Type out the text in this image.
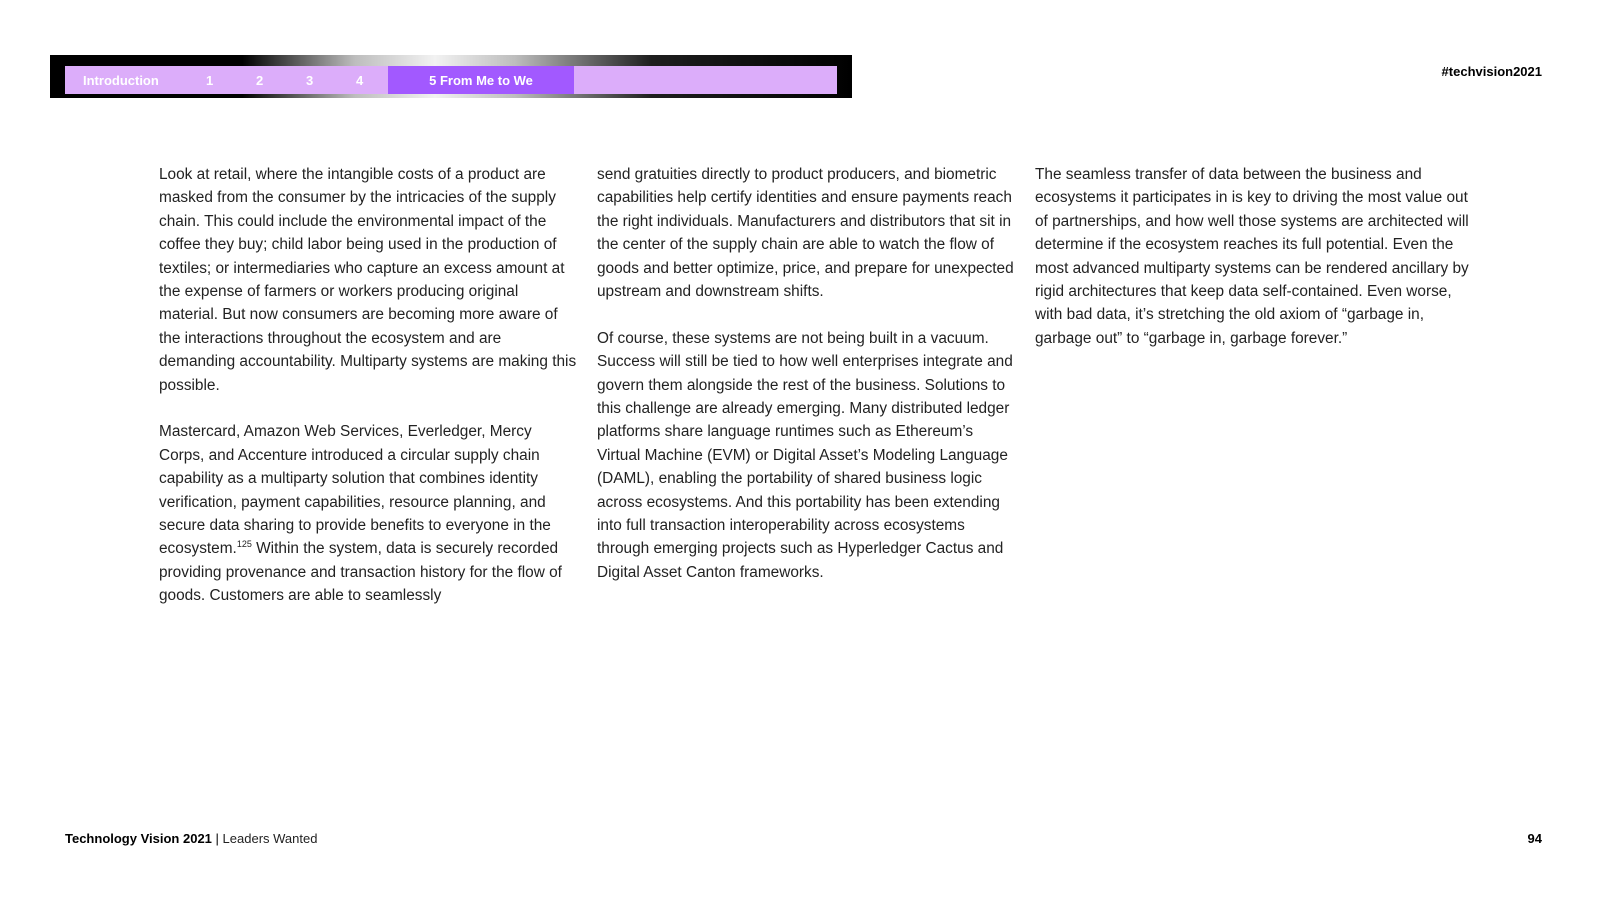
Introduction	1	2	3	4	5 From Me to We
#techvision2021

Look at retail, where the intangible costs of a product are masked from the consumer by the intricacies of the supply chain. This could include the environmental impact of the coffee they buy; child labor being used in the production of textiles; or intermediaries who capture an excess amount at the expense of farmers or workers producing original material. But now consumers are becoming more aware of the interactions throughout the ecosystem and are demanding accountability. Multiparty systems are making this possible.

Mastercard, Amazon Web Services, Everledger, Mercy Corps, and Accenture introduced a circular supply chain capability as a multiparty solution that combines identity verification, payment capabilities, resource planning, and secure data sharing to provide benefits to everyone in the ecosystem.$^{125}$ Within the system, data is securely recorded providing provenance and transaction history for the flow of goods. Customers are able to seamlessly

send gratuities directly to product producers, and biometric capabilities help certify identities and ensure payments reach the right individuals. Manufacturers and distributors that sit in the center of the supply chain are able to watch the flow of goods and better optimize, price, and prepare for unexpected upstream and downstream shifts.

Of course, these systems are not being built in a vacuum. Success will still be tied to how well enterprises integrate and govern them alongside the rest of the business. Solutions to this challenge are already emerging. Many distributed ledger platforms share language runtimes such as Ethereum’s Virtual Machine (EVM) or Digital Asset’s Modeling Language (DAML), enabling the portability of shared business logic across ecosystems. And this portability has been extending into full transaction interoperability across ecosystems through emerging projects such as Hyperledger Cactus and Digital Asset Canton frameworks.

The seamless transfer of data between the business and ecosystems it participates in is key to driving the most value out of partnerships, and how well those systems are architected will determine if the ecosystem reaches its full potential. Even the most advanced multiparty systems can be rendered ancillary by rigid architectures that keep data self-contained. Even worse, with bad data, it’s stretching the old axiom of “garbage in, garbage out” to “garbage in, garbage forever.”

Technology Vision 2021 | Leaders Wanted	94
